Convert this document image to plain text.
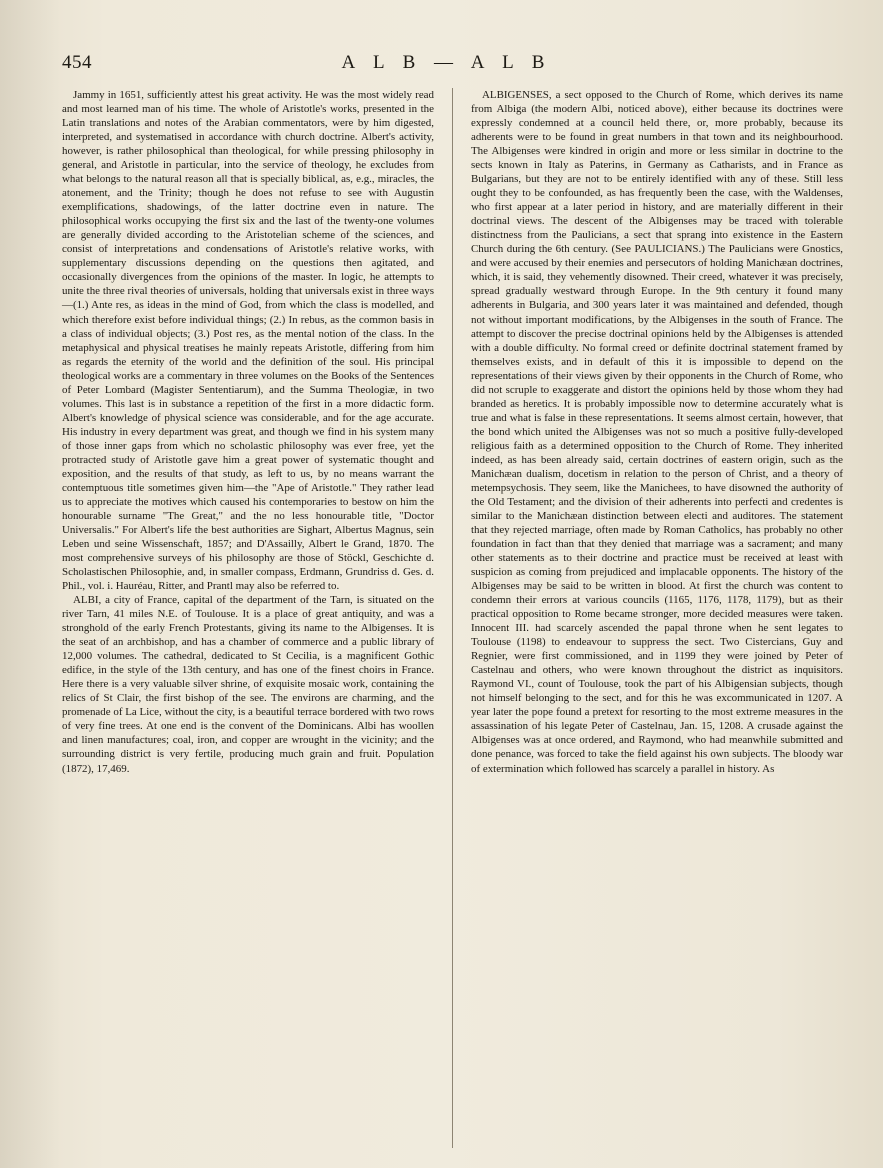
454	A L B — A L B

Jammy in 1651, sufficiently attest his great activity. He was the most widely read and most learned man of his time. The whole of Aristotle's works, presented in the Latin translations and notes of the Arabian commentators, were by him digested, interpreted, and systematised in accordance with church doctrine. Albert's activity, however, is rather philosophical than theological, for while pressing philosophy in general, and Aristotle in particular, into the service of theology, he excludes from what belongs to the natural reason all that is specially biblical, as, e.g., miracles, the atonement, and the Trinity; though he does not refuse to see with Augustin exemplifications, shadowings, of the latter doctrine even in nature. The philosophical works occupying the first six and the last of the twenty-one volumes are generally divided according to the Aristotelian scheme of the sciences, and consist of interpretations and condensations of Aristotle's relative works, with supplementary discussions depending on the questions then agitated, and occasionally divergences from the opinions of the master. In logic, he attempts to unite the three rival theories of universals, holding that universals exist in three ways—(1.) Ante res, as ideas in the mind of God, from which the class is modelled, and which therefore exist before individual things; (2.) In rebus, as the common basis in a class of individual objects; (3.) Post res, as the mental notion of the class. In the metaphysical and physical treatises he mainly repeats Aristotle, differing from him as regards the eternity of the world and the definition of the soul. His principal theological works are a commentary in three volumes on the Books of the Sentences of Peter Lombard (Magister Sententiarum), and the Summa Theologiæ, in two volumes. This last is in substance a repetition of the first in a more didactic form. Albert's knowledge of physical science was considerable, and for the age accurate. His industry in every department was great, and though we find in his system many of those inner gaps from which no scholastic philosophy was ever free, yet the protracted study of Aristotle gave him a great power of systematic thought and exposition, and the results of that study, as left to us, by no means warrant the contemptuous title sometimes given him—the "Ape of Aristotle." They rather lead us to appreciate the motives which caused his contemporaries to bestow on him the honourable surname "The Great," and the no less honourable title, "Doctor Universalis." For Albert's life the best authorities are Sighart, Albertus Magnus, sein Leben und seine Wissenschaft, 1857; and D'Assailly, Albert le Grand, 1870. The most comprehensive surveys of his philosophy are those of Stöckl, Geschichte d. Scholastischen Philosophie, and, in smaller compass, Erdmann, Grundriss d. Ges. d. Phil., vol. i. Hauréau, Ritter, and Prantl may also be referred to.

ALBI, a city of France, capital of the department of the Tarn, is situated on the river Tarn, 41 miles N.E. of Toulouse. It is a place of great antiquity, and was a stronghold of the early French Protestants, giving its name to the Albigenses. It is the seat of an archbishop, and has a chamber of commerce and a public library of 12,000 volumes. The cathedral, dedicated to St Cecilia, is a magnificent Gothic edifice, in the style of the 13th century, and has one of the finest choirs in France. Here there is a very valuable silver shrine, of exquisite mosaic work, containing the relics of St Clair, the first bishop of the see. The environs are charming, and the promenade of La Lice, without the city, is a beautiful terrace bordered with two rows of very fine trees. At one end is the convent of the Dominicans. Albi has woollen and linen manufactures; coal, iron, and copper are wrought in the vicinity; and the surrounding district is very fertile, producing much grain and fruit. Population (1872), 17,469.

ALBIGENSES, a sect opposed to the Church of Rome, which derives its name from Albiga (the modern Albi, noticed above), either because its doctrines were expressly condemned at a council held there, or, more probably, because its adherents were to be found in great numbers in that town and its neighbourhood. The Albigenses were kindred in origin and more or less similar in doctrine to the sects known in Italy as Paterins, in Germany as Catharists, and in France as Bulgarians, but they are not to be entirely identified with any of these. Still less ought they to be confounded, as has frequently been the case, with the Waldenses, who first appear at a later period in history, and are materially different in their doctrinal views. The descent of the Albigenses may be traced with tolerable distinctness from the Paulicians, a sect that sprang into existence in the Eastern Church during the 6th century. (See PAULICIANS.) The Paulicians were Gnostics, and were accused by their enemies and persecutors of holding Manichæan doctrines, which, it is said, they vehemently disowned. Their creed, whatever it was precisely, spread gradually westward through Europe. In the 9th century it found many adherents in Bulgaria, and 300 years later it was maintained and defended, though not without important modifications, by the Albigenses in the south of France. The attempt to discover the precise doctrinal opinions held by the Albigenses is attended with a double difficulty. No formal creed or definite doctrinal statement framed by themselves exists, and in default of this it is impossible to depend on the representations of their views given by their opponents in the Church of Rome, who did not scruple to exaggerate and distort the opinions held by those whom they had branded as heretics. It is probably impossible now to determine accurately what is true and what is false in these representations. It seems almost certain, however, that the bond which united the Albigenses was not so much a positive fully-developed religious faith as a determined opposition to the Church of Rome. They inherited indeed, as has been already said, certain doctrines of eastern origin, such as the Manichæan dualism, docetism in relation to the person of Christ, and a theory of metempsychosis. They seem, like the Manichees, to have disowned the authority of the Old Testament; and the division of their adherents into perfecti and credentes is similar to the Manichæan distinction between electi and auditores. The statement that they rejected marriage, often made by Roman Catholics, has probably no other foundation in fact than that they denied that marriage was a sacrament; and many other statements as to their doctrine and practice must be received at least with suspicion as coming from prejudiced and implacable opponents. The history of the Albigenses may be said to be written in blood. At first the church was content to condemn their errors at various councils (1165, 1176, 1178, 1179), but as their practical opposition to Rome became stronger, more decided measures were taken. Innocent III. had scarcely ascended the papal throne when he sent legates to Toulouse (1198) to endeavour to suppress the sect. Two Cistercians, Guy and Regnier, were first commissioned, and in 1199 they were joined by Peter of Castelnau and others, who were known throughout the district as inquisitors. Raymond VI., count of Toulouse, took the part of his Albigensian subjects, though not himself belonging to the sect, and for this he was excommunicated in 1207. A year later the pope found a pretext for resorting to the most extreme measures in the assassination of his legate Peter of Castelnau, Jan. 15, 1208. A crusade against the Albigenses was at once ordered, and Raymond, who had meanwhile submitted and done penance, was forced to take the field against his own subjects. The bloody war of extermination which followed has scarcely a parallel in history. As
